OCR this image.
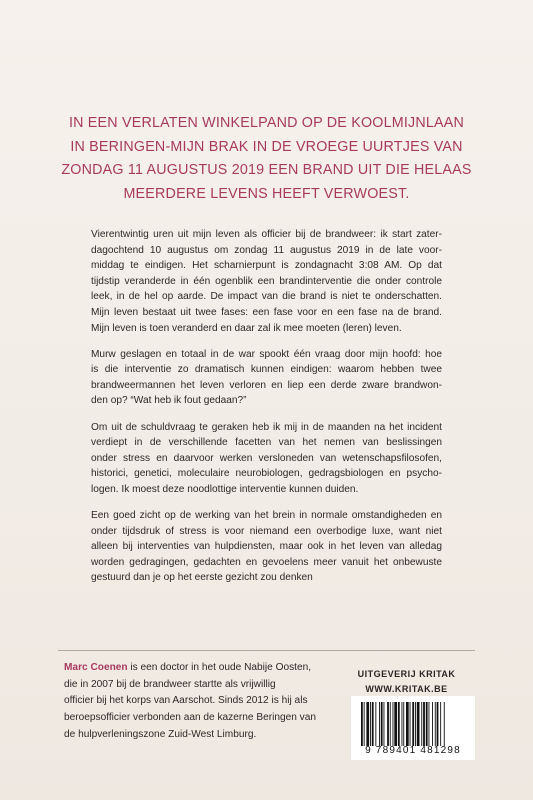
IN EEN VERLATEN WINKELPAND OP DE KOOLMIJNLAAN
IN BERINGEN-MIJN BRAK IN DE VROEGE UURTJES VAN
ZONDAG 11 AUGUSTUS 2019 EEN BRAND UIT DIE HELAAS
MEERDERE LEVENS HEEFT VERWOEST.

Vierentwintig uren uit mijn leven als officier bij de brandweer: ik start zater-
dagochtend 10 augustus om zondag 11 augustus 2019 in de late voor-
middag te eindigen. Het scharnierpunt is zondagnacht 3:08 AM. Op dat
tijdstip veranderde in één ogenblik een brandinterventie die onder controle
leek, in de hel op aarde. De impact van die brand is niet te onderschatten.
Mijn leven bestaat uit twee fases: een fase voor en een fase na de brand.
Mijn leven is toen veranderd en daar zal ik mee moeten (leren) leven.

Murw geslagen en totaal in de war spookt één vraag door mijn hoofd: hoe
is die interventie zo dramatisch kunnen eindigen: waarom hebben twee
brandweermannen het leven verloren en liep een derde zware brandwon-
den op? “Wat heb ik fout gedaan?”

Om uit de schuldvraag te geraken heb ik mij in de maanden na het incident
verdiept in de verschillende facetten van het nemen van beslissingen
onder stress en daarvoor werken versloneden van wetenschapsfilosofen,
historici, genetici, moleculaire neurobiologen, gedragsbiologen en psycho-
logen. Ik moest deze noodlottige interventie kunnen duiden.

Een goed zicht op de werking van het brein in normale omstandigheden en
onder tijdsdruk of stress is voor niemand een overbodige luxe, want niet
alleen bij interventies van hulpdiensten, maar ook in het leven van alledag
worden gedragingen, gedachten en gevoelens meer vanuit het onbewuste
gestuurd dan je op het eerste gezicht zou denken

Marc Coenen is een doctor in het oude Nabije Oosten,
die in 2007 bij de brandweer startte als vrijwillig
officier bij het korps van Aarschot. Sinds 2012 is hij als
beroepsofficier verbonden aan de kazerne Beringen van
de hulpverleningszone Zuid-West Limburg.
UITGEVERIJ KRITAK
WWW.KRITAK.BE
9 789401 481298
